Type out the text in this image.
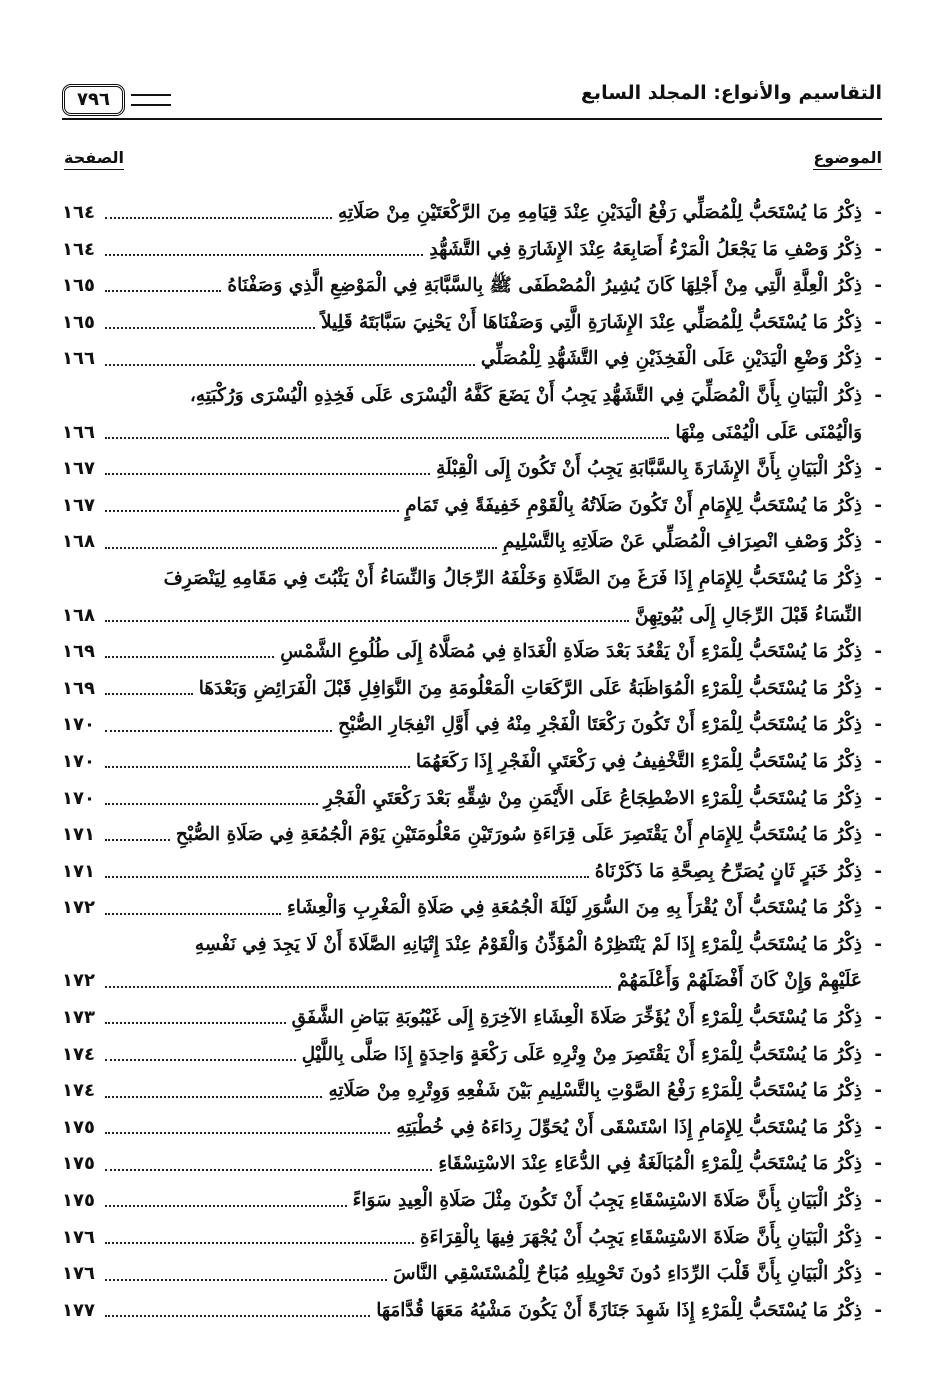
التقاسيم والأنواع: المجلد السابع
٧٩٦
الموضوع
الصفحة
-
ذِكْرُ مَا يُسْتَحَبُّ لِلْمُصَلِّي رَفْعُ الْيَدَيْنِ عِنْدَ قِيَامِهِ مِنَ الرَّكْعَتَيْنِ مِنْ صَلَاتِهِ
١٦٤
-
ذِكْرُ وَصْفِ مَا يَجْعَلُ الْمَرْءُ أَصَابِعَهُ عِنْدَ الإِشَارَةِ فِي التَّشَهُّدِ
١٦٤
-
ذِكْرُ الْعِلَّةِ الَّتِي مِنْ أَجْلِهَا كَانَ يُشِيرُ الْمُصْطَفَى ﷺ بِالسَّبَّابَةِ فِي الْمَوْضِعِ الَّذِي وَصَفْنَاهُ
١٦٥
-
ذِكْرُ مَا يُسْتَحَبُّ لِلْمُصَلِّي عِنْدَ الإِشَارَةِ الَّتِي وَصَفْنَاهَا أَنْ يَحْنِيَ سَبَّابَتَهُ قَلِيلاً
١٦٥
-
ذِكْرُ وَضْعِ الْيَدَيْنِ عَلَى الْفَخِذَيْنِ فِي التَّشَهُّدِ لِلْمُصَلِّي
١٦٦
-
ذِكْرُ الْبَيَانِ بِأَنَّ الْمُصَلِّيَ فِي التَّشَهُّدِ يَجِبُ أَنْ يَضَعَ كَفَّهُ الْيُسْرَى عَلَى فَخِذِهِ الْيُسْرَى وَرُكْبَتِهِ،
وَالْيُمْنَى عَلَى الْيُمْنَى مِنْهَا
١٦٦
-
ذِكْرُ الْبَيَانِ بِأَنَّ الإِشَارَةَ بِالسَّبَّابَةِ يَجِبُ أَنْ تَكُونَ إِلَى الْقِبْلَةِ
١٦٧
-
ذِكْرُ مَا يُسْتَحَبُّ لِلإِمَامِ أَنْ تَكُونَ صَلَاتُهُ بِالْقَوْمِ خَفِيفَةً فِي تَمَامٍ
١٦٧
-
ذِكْرُ وَصْفِ انْصِرَافِ الْمُصَلِّي عَنْ صَلَاتِهِ بِالتَّسْلِيمِ
١٦٨
-
ذِكْرُ مَا يُسْتَحَبُّ لِلإِمَامِ إِذَا فَرَغَ مِنَ الصَّلَاةِ وَخَلْفَهُ الرِّجَالُ وَالنِّسَاءُ أَنْ يَثْبُتَ فِي مَقَامِهِ لِيَنْصَرِفَ
النِّسَاءُ قَبْلَ الرِّجَالِ إِلَى بُيُوتِهِنَّ
١٦٨
-
ذِكْرُ مَا يُسْتَحَبُّ لِلْمَرْءِ أَنْ يَقْعُدَ بَعْدَ صَلَاةِ الْغَدَاةِ فِي مُصَلَّاهُ إِلَى طُلُوعِ الشَّمْسِ
١٦٩
-
ذِكْرُ مَا يُسْتَحَبُّ لِلْمَرْءِ الْمُوَاظَبَةُ عَلَى الرَّكَعَاتِ الْمَعْلُومَةِ مِنَ النَّوَافِلِ قَبْلَ الْفَرَائِضِ وَبَعْدَهَا
١٦٩
-
ذِكْرُ مَا يُسْتَحَبُّ لِلْمَرْءِ أَنْ تَكُونَ رَكْعَتَا الْفَجْرِ مِنْهُ فِي أَوَّلِ انْفِجَارِ الصُّبْحِ
١٧٠
-
ذِكْرُ مَا يُسْتَحَبُّ لِلْمَرْءِ التَّخْفِيفُ فِي رَكْعَتَيِ الْفَجْرِ إِذَا رَكَعَهُمَا
١٧٠
-
ذِكْرُ مَا يُسْتَحَبُّ لِلْمَرْءِ الاضْطِجَاعُ عَلَى الأَيْمَنِ مِنْ شِقِّهِ بَعْدَ رَكْعَتَيِ الْفَجْرِ
١٧٠
-
ذِكْرُ مَا يُسْتَحَبُّ لِلإِمَامِ أَنْ يَقْتَصِرَ عَلَى قِرَاءَةِ سُورَتَيْنِ مَعْلُومَتَيْنِ يَوْمَ الْجُمُعَةِ فِي صَلَاةِ الصُّبْحِ
١٧١
-
ذِكْرُ خَبَرٍ ثَانٍ يُصَرِّحُ بِصِحَّةِ مَا ذَكَرْنَاهُ
١٧١
-
ذِكْرُ مَا يُسْتَحَبُّ أَنْ يُقْرَأَ بِهِ مِنَ السُّوَرِ لَيْلَةَ الْجُمُعَةِ فِي صَلَاةِ الْمَغْرِبِ وَالْعِشَاءِ
١٧٢
-
ذِكْرُ مَا يُسْتَحَبُّ لِلْمَرْءِ إِذَا لَمْ يَنْتَظِرْهُ الْمُؤَذِّنُ وَالْقَوْمُ عِنْدَ إِتْيَانِهِ الصَّلَاةَ أَنْ لَا يَجِدَ فِي نَفْسِهِ
عَلَيْهِمْ وَإِنْ كَانَ أَفْضَلَهُمْ وَأَعْلَمَهُمْ
١٧٢
-
ذِكْرُ مَا يُسْتَحَبُّ لِلْمَرْءِ أَنْ يُؤَخِّرَ صَلَاةَ الْعِشَاءِ الآخِرَةِ إِلَى غَيْبُوبَةِ بَيَاضِ الشَّفَقِ
١٧٣
-
ذِكْرُ مَا يُسْتَحَبُّ لِلْمَرْءِ أَنْ يَقْتَصِرَ مِنْ وِتْرِهِ عَلَى رَكْعَةٍ وَاحِدَةٍ إِذَا صَلَّى بِاللَّيْلِ
١٧٤
-
ذِكْرُ مَا يُسْتَحَبُّ لِلْمَرْءِ رَفْعُ الصَّوْتِ بِالتَّسْلِيمِ بَيْنَ شَفْعِهِ وَوِتْرِهِ مِنْ صَلَاتِهِ
١٧٤
-
ذِكْرُ مَا يُسْتَحَبُّ لِلإِمَامِ إِذَا اسْتَسْقَى أَنْ يُحَوِّلَ رِدَاءَهُ فِي خُطْبَتِهِ
١٧٥
-
ذِكْرُ مَا يُسْتَحَبُّ لِلْمَرْءِ الْمُبَالَغَةُ فِي الدُّعَاءِ عِنْدَ الاسْتِسْقَاءِ
١٧٥
-
ذِكْرُ الْبَيَانِ بِأَنَّ صَلَاةَ الاسْتِسْقَاءِ يَجِبُ أَنْ تَكُونَ مِثْلَ صَلَاةِ الْعِيدِ سَوَاءً
١٧٥
-
ذِكْرُ الْبَيَانِ بِأَنَّ صَلَاةَ الاسْتِسْقَاءِ يَجِبُ أَنْ يُجْهَرَ فِيهَا بِالْقِرَاءَةِ
١٧٦
-
ذِكْرُ الْبَيَانِ بِأَنَّ قَلْبَ الرِّدَاءِ دُونَ تَحْوِيلِهِ مُبَاحٌ لِلْمُسْتَسْقِي النَّاسَ
١٧٦
-
ذِكْرُ مَا يُسْتَحَبُّ لِلْمَرْءِ إِذَا شَهِدَ جَنَازَةً أَنْ يَكُونَ مَشْيُهُ مَعَهَا قُدَّامَهَا
١٧٧
